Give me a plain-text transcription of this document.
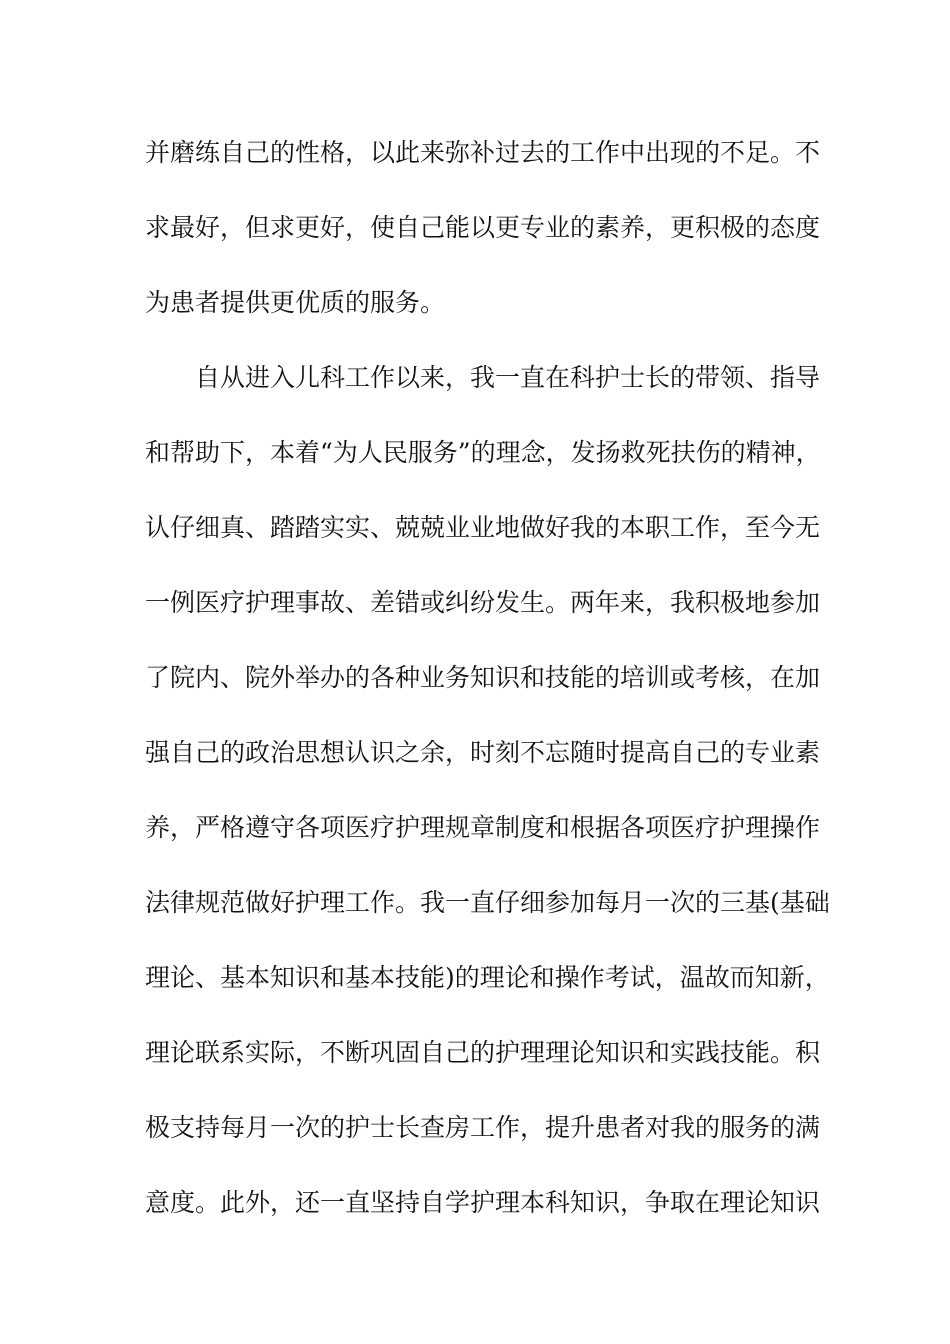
并磨练自己的性格，以此来弥补过去的工作中出现的不足。不
求最好，但求更好，使自己能以更专业的素养，更积极的态度
为患者提供更优质的服务。
自从进入儿科工作以来，我一直在科护士长的带领、指导
和帮助下，本着“为人民服务”的理念，发扬救死扶伤的精神，
认仔细真、踏踏实实、兢兢业业地做好我的本职工作，至今无
一例医疗护理事故、差错或纠纷发生。两年来，我积极地参加
了院内、院外举办的各种业务知识和技能的培训或考核，在加
强自己的政治思想认识之余，时刻不忘随时提高自己的专业素
养，严格遵守各项医疗护理规章制度和根据各项医疗护理操作
法律规范做好护理工作。我一直仔细参加每月一次的三基(基础
理论、基本知识和基本技能)的理论和操作考试，温故而知新，
理论联系实际，不断巩固自己的护理理论知识和实践技能。积
极支持每月一次的护士长查房工作，提升患者对我的服务的满
意度。此外，还一直坚持自学护理本科知识，争取在理论知识
